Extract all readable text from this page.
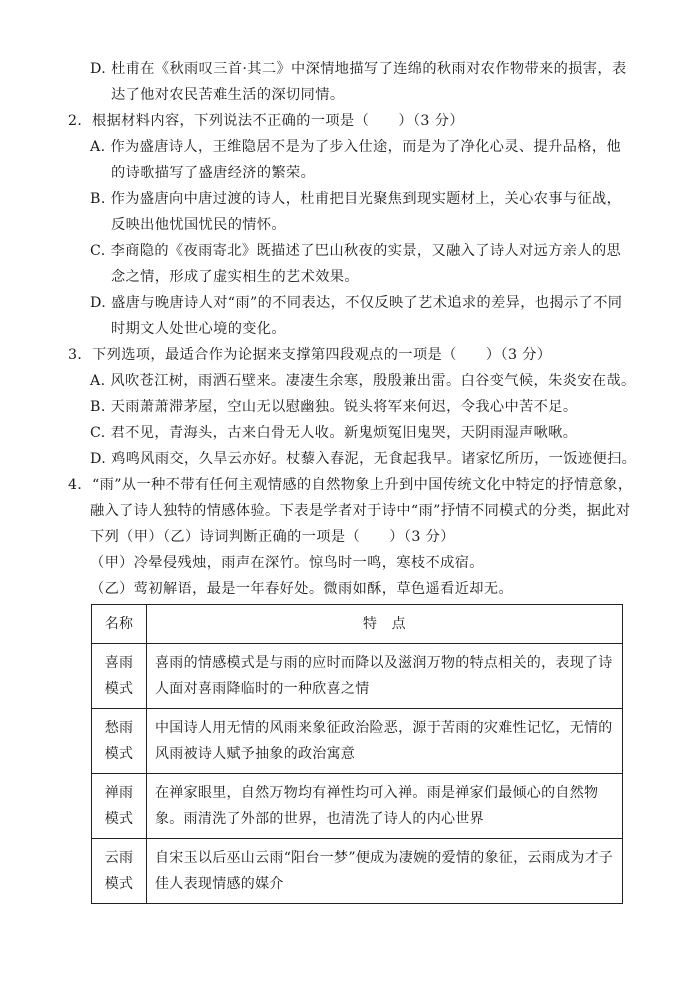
D. 杜甫在《秋雨叹三首·其二》中深情地描写了连绵的秋雨对农作物带来的损害，表
达了他对农民苦难生活的深切同情。
2．根据材料内容，下列说法不正确的一项是（　　）（3 分）
A. 作为盛唐诗人，王维隐居不是为了步入仕途，而是为了净化心灵、提升品格，他
的诗歌描写了盛唐经济的繁荣。
B. 作为盛唐向中唐过渡的诗人，杜甫把目光聚焦到现实题材上，关心农事与征战，
反映出他忧国忧民的情怀。
C. 李商隐的《夜雨寄北》既描述了巴山秋夜的实景，又融入了诗人对远方亲人的思
念之情，形成了虚实相生的艺术效果。
D. 盛唐与晚唐诗人对“雨”的不同表达，不仅反映了艺术追求的差异，也揭示了不同
时期文人处世心境的变化。
3．下列选项，最适合作为论据来支撑第四段观点的一项是（　　）（3 分）
A. 风吹苍江树，雨洒石壁来。凄凄生余寒，殷殷兼出雷。白谷变气候，朱炎安在哉。
B. 天雨萧萧滞茅屋，空山无以慰幽独。锐头将军来何迟，令我心中苦不足。
C. 君不见，青海头，古来白骨无人收。新鬼烦冤旧鬼哭，天阴雨湿声啾啾。
D. 鸡鸣风雨交，久旱云亦好。杖藜入春泥，无食起我早。诸家忆所历，一饭迹便扫。
4．“雨”从一种不带有任何主观情感的自然物象上升到中国传统文化中特定的抒情意象，
融入了诗人独特的情感体验。下表是学者对于诗中“雨”抒情不同模式的分类，据此对
下列（甲）（乙）诗词判断正确的一项是（　　）（3 分）
（甲）冷晕侵残烛，雨声在深竹。惊鸟时一鸣，寒枝不成宿。
（乙）莺初解语，最是一年春好处。微雨如酥，草色遥看近却无。
名称	特　点
喜雨
模式	喜雨的情感模式是与雨的应时而降以及滋润万物的特点相关的，表现了诗人面对喜雨降临时的一种欣喜之情
愁雨
模式	中国诗人用无情的风雨来象征政治险恶，源于苦雨的灾难性记忆，无情的风雨被诗人赋予抽象的政治寓意
禅雨
模式	在禅家眼里，自然万物均有禅性均可入禅。雨是禅家们最倾心的自然物象。雨清洗了外部的世界，也清洗了诗人的内心世界
云雨
模式	自宋玉以后巫山云雨“阳台一梦”便成为凄婉的爱情的象征，云雨成为才子佳人表现情感的媒介
